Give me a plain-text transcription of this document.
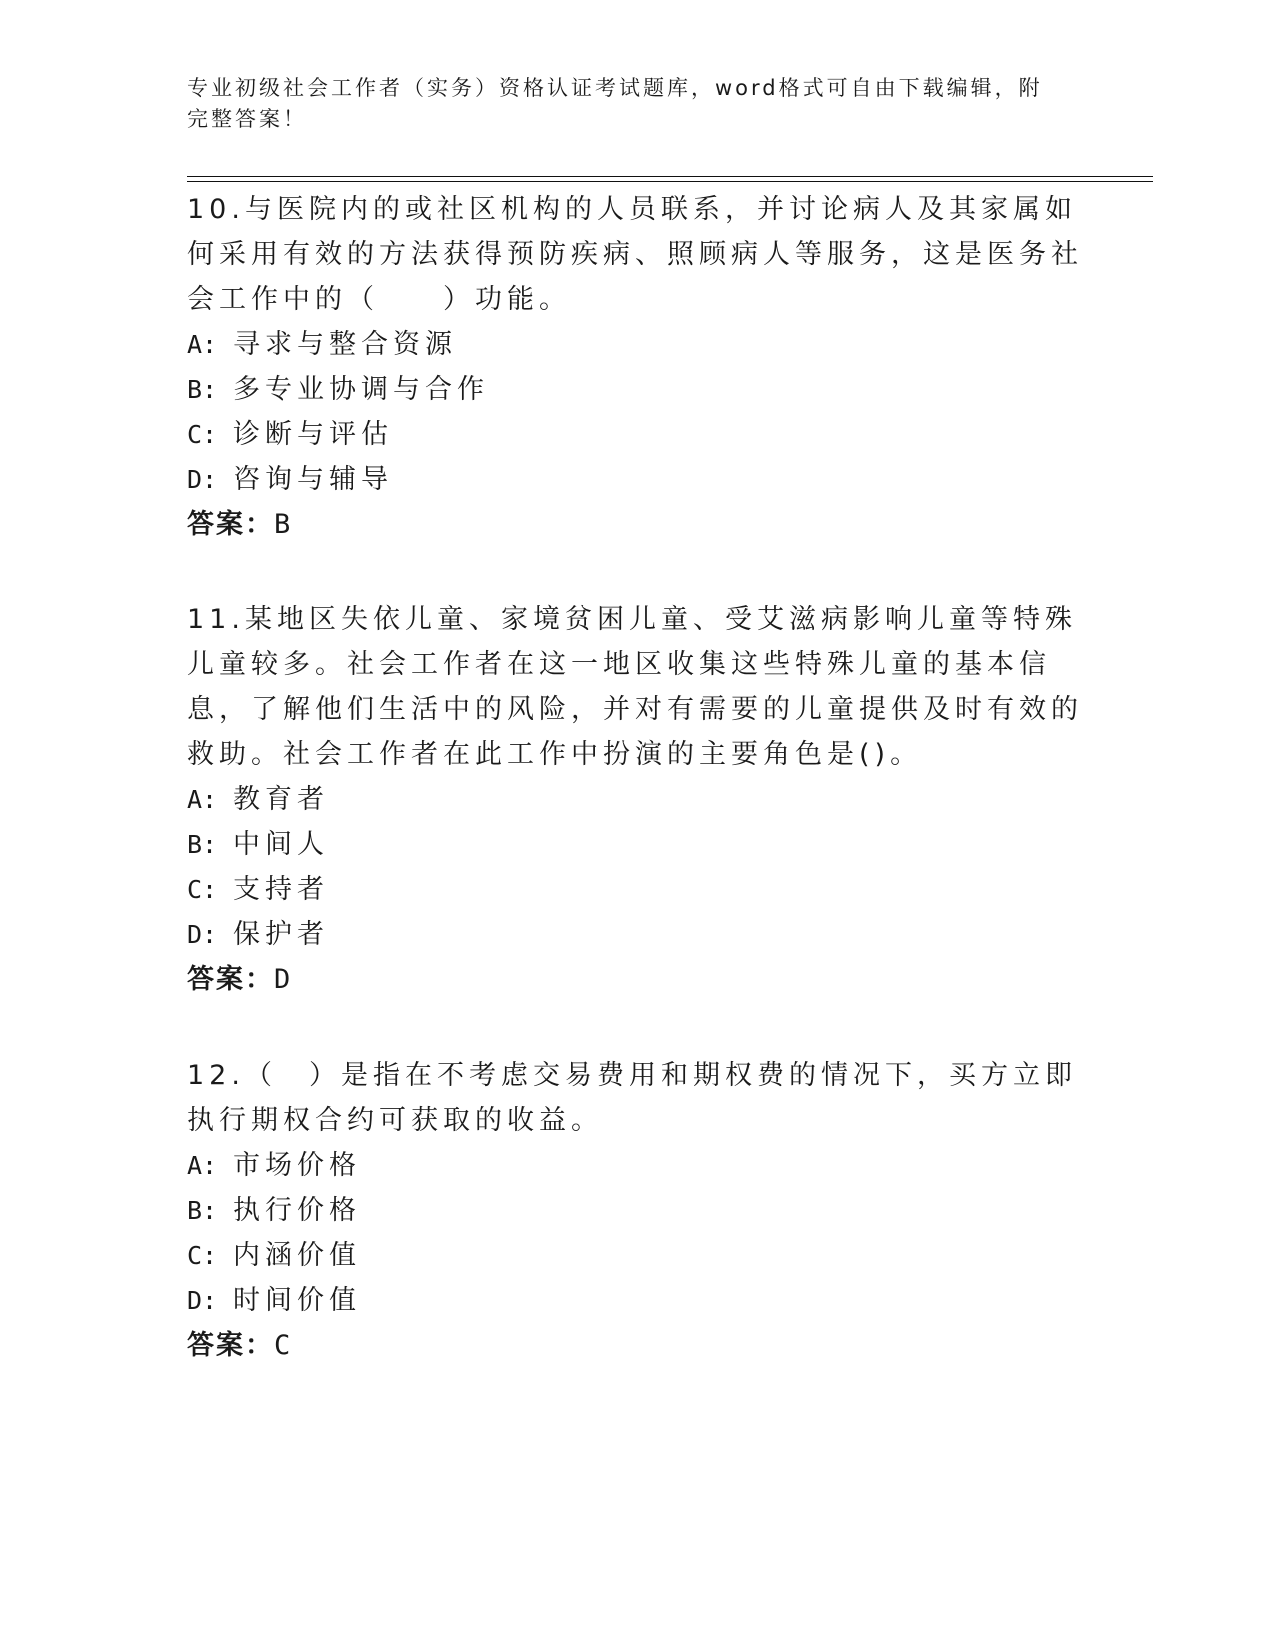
专业初级社会工作者（实务）资格认证考试题库，word格式可自由下载编辑，附
完整答案！

10.与医院内的或社区机构的人员联系，并讨论病人及其家属如何采用有效的方法获得预防疾病、照顾病人等服务，这是医务社会工作中的（　　）功能。

A: 寻求与整合资源

B: 多专业协调与合作

C: 诊断与评估

D: 咨询与辅导

答案：B

11.某地区失依儿童、家境贫困儿童、受艾滋病影响儿童等特殊儿童较多。社会工作者在这一地区收集这些特殊儿童的基本信息，了解他们生活中的风险，并对有需要的儿童提供及时有效的救助。社会工作者在此工作中扮演的主要角色是()。

A: 教育者

B: 中间人

C: 支持者

D: 保护者

答案：D

12.（　）是指在不考虑交易费用和期权费的情况下，买方立即执行期权合约可获取的收益。

A: 市场价格

B: 执行价格

C: 内涵价值

D: 时间价值

答案：C
